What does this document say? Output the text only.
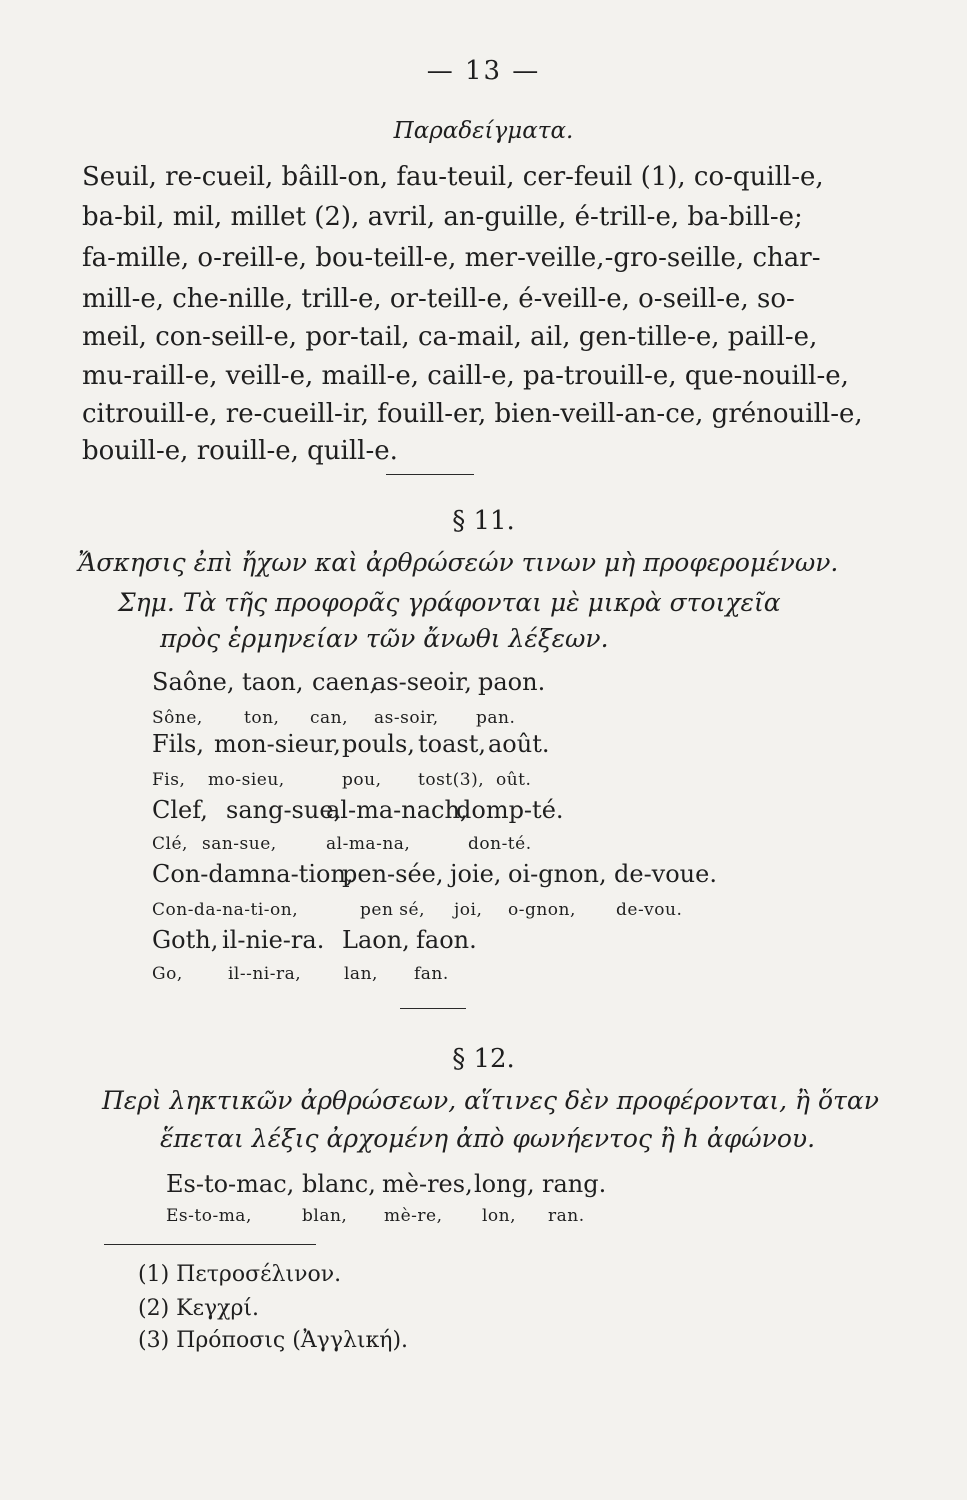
— 13 —
Παραδείγματα.
Seuil, re-cueil, bâill-on, fau-teuil, cer-feuil (1), co-quill-e,
ba-bil, mil, millet (2), avril, an-guille, é-trill-e, ba-bill-e;
fa-mille, o-reill-e, bou-teill-e, mer-veille,-gro-seille, char-
mill-e, che-nille, trill-e, or-teill-e, é-veill-e, o-seill-e, so-
meil, con-seill-e, por-tail, ca-mail, ail, gen-tille-e, paill-e,
mu-raill-e, veill-e, maill-e, caill-e, pa-trouill-e, que-nouill-e,
citrouill-e, re-cueill-ir, fouill-er, bien-veill-an-ce, grénouill-e,
bouill-e, rouill-e, quill-e.
§ 11.
Ἄσκησις ἐπὶ ἤχων καὶ ἀρθρώσεών τινων μὴ προφερομένων.
Σημ. Τὰ τῆς προφορᾶς γράφονται μὲ μικρὰ στοιχεῖα
πρὸς ἑρμηνείαν τῶν ἄνωθι λέξεων.
Saône, taon, caen,
as-seoir, paon.
Sône, ton, can, as-soir, pan.
Fils, mon-sieur, pouls, toast, août.
Fis, mo-sieu,	pou, tost(3), oût.
Clef, sang-sue,
al-ma-nach,
domp-té.
Clé, san-sue,	al-ma-na,	don-té.
Con-damna-tion,
pen-sée, joie, oi-gnon, de-voue.
Con-da-na-ti-on,	pen sé, joi, o-gnon, de-vou.
Goth, il-nie-ra. Laon, faon.
Go,	il--ni-ra,	lan, fan.
§ 12.
Περὶ ληκτικῶν ἀρθρώσεων, αἵτινες δὲν προφέρονται, ἢ ὅταν
ἕπεται λέξις ἀρχομένη ἀπὸ φωνήεντος ἢ h ἀφώνου.
Es-to-mac, blanc, mè-res, long, rang.
Es-to-ma,	blan, mè-re, lon, ran.
(1) Πετροσέλινον.
(2) Κεγχρί.
(3) Πρόποσις (Ἀγγλική).
